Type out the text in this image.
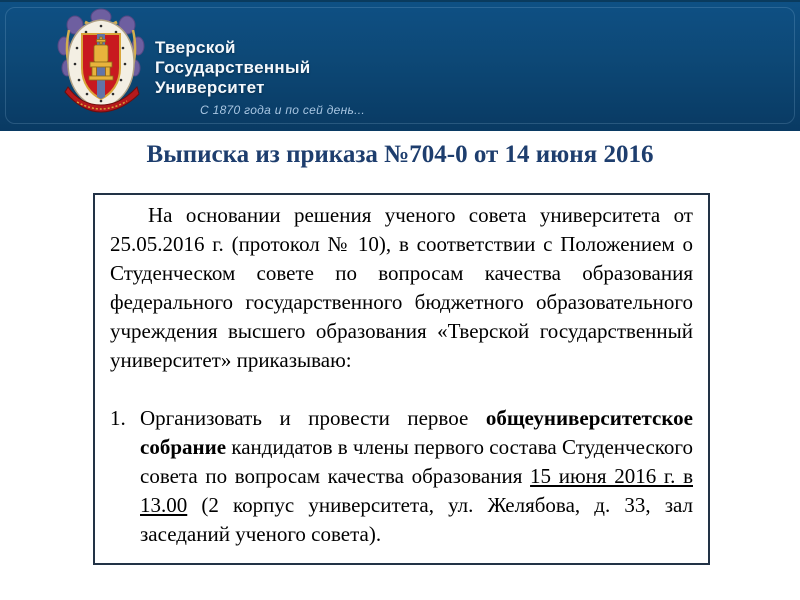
Тверской
Государственный
Университет
С 1870 года и по сей день...
Выписка из приказа №704-0 от 14 июня 2016

На основании решения ученого совета университета от 25.05.2016 г. (протокол № 10), в соответствии с Положением о Студенческом совете по вопросам качества образования федерального государственного бюджетного образовательного учреждения высшего образования «Тверской государственный университет» приказываю:

1. Организовать и провести первое общеуниверситетское собрание кандидатов в члены первого состава Студенческого совета по вопросам качества образования 15 июня 2016 г. в 13.00 (2 корпус университета, ул. Желябова, д. 33, зал заседаний ученого совета).
